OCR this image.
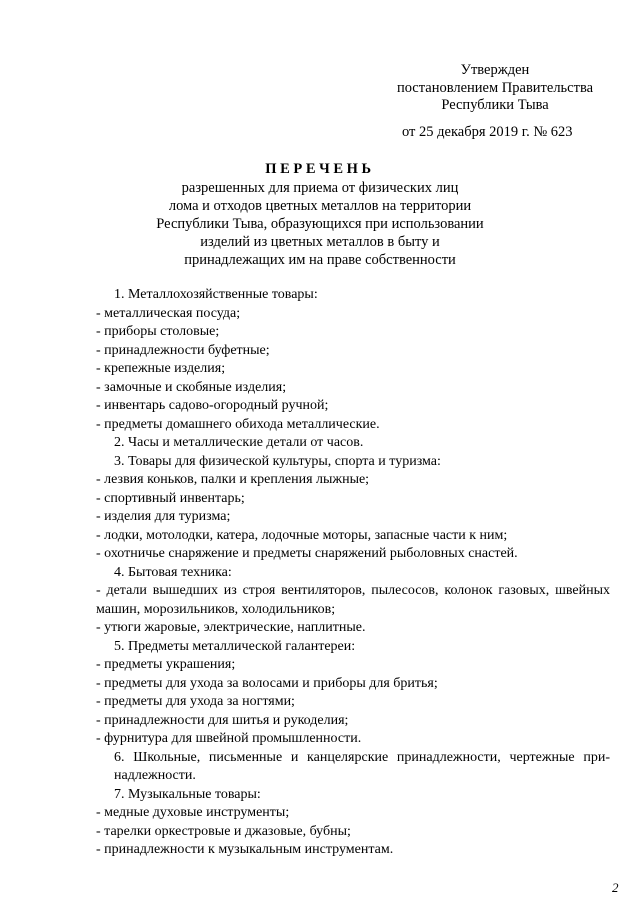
Утвержден
постановлением Правительства
Республики Тыва
от 25 декабря 2019 г. № 623
ПЕРЕЧЕНЬ
разрешенных для приема от физических лиц
лома и отходов цветных металлов на территории
Республики Тыва, образующихся при использовании
изделий из цветных металлов в быту и
принадлежащих им на праве собственности
1. Металлохозяйственные товары:
- металлическая посуда;
- приборы столовые;
- принадлежности буфетные;
- крепежные изделия;
- замочные и скобяные изделия;
- инвентарь садово-огородный ручной;
- предметы домашнего обихода металлические.
2. Часы и металлические детали от часов.
3. Товары для физической культуры, спорта и туризма:
- лезвия коньков, палки и крепления лыжные;
- спортивный инвентарь;
- изделия для туризма;
- лодки, мотолодки, катера, лодочные моторы, запасные части к ним;
- охотничье снаряжение и предметы снаряжений рыболовных снастей.
4. Бытовая техника:
- детали вышедших из строя вентиляторов, пылесосов, колонок газовых, швейных машин, морозильников, холодильников;
- утюги жаровые, электрические, наплитные.
5. Предметы металлической галантереи:
- предметы украшения;
- предметы для ухода за волосами и приборы для бритья;
- предметы для ухода за ногтями;
- принадлежности для шитья и рукоделия;
- фурнитура для швейной промышленности.
6. Школьные, письменные и канцелярские принадлежности, чертежные при-надлежности.
7. Музыкальные товары:
- медные духовые инструменты;
- тарелки оркестровые и джазовые, бубны;
- принадлежности к музыкальным инструментам.
2
